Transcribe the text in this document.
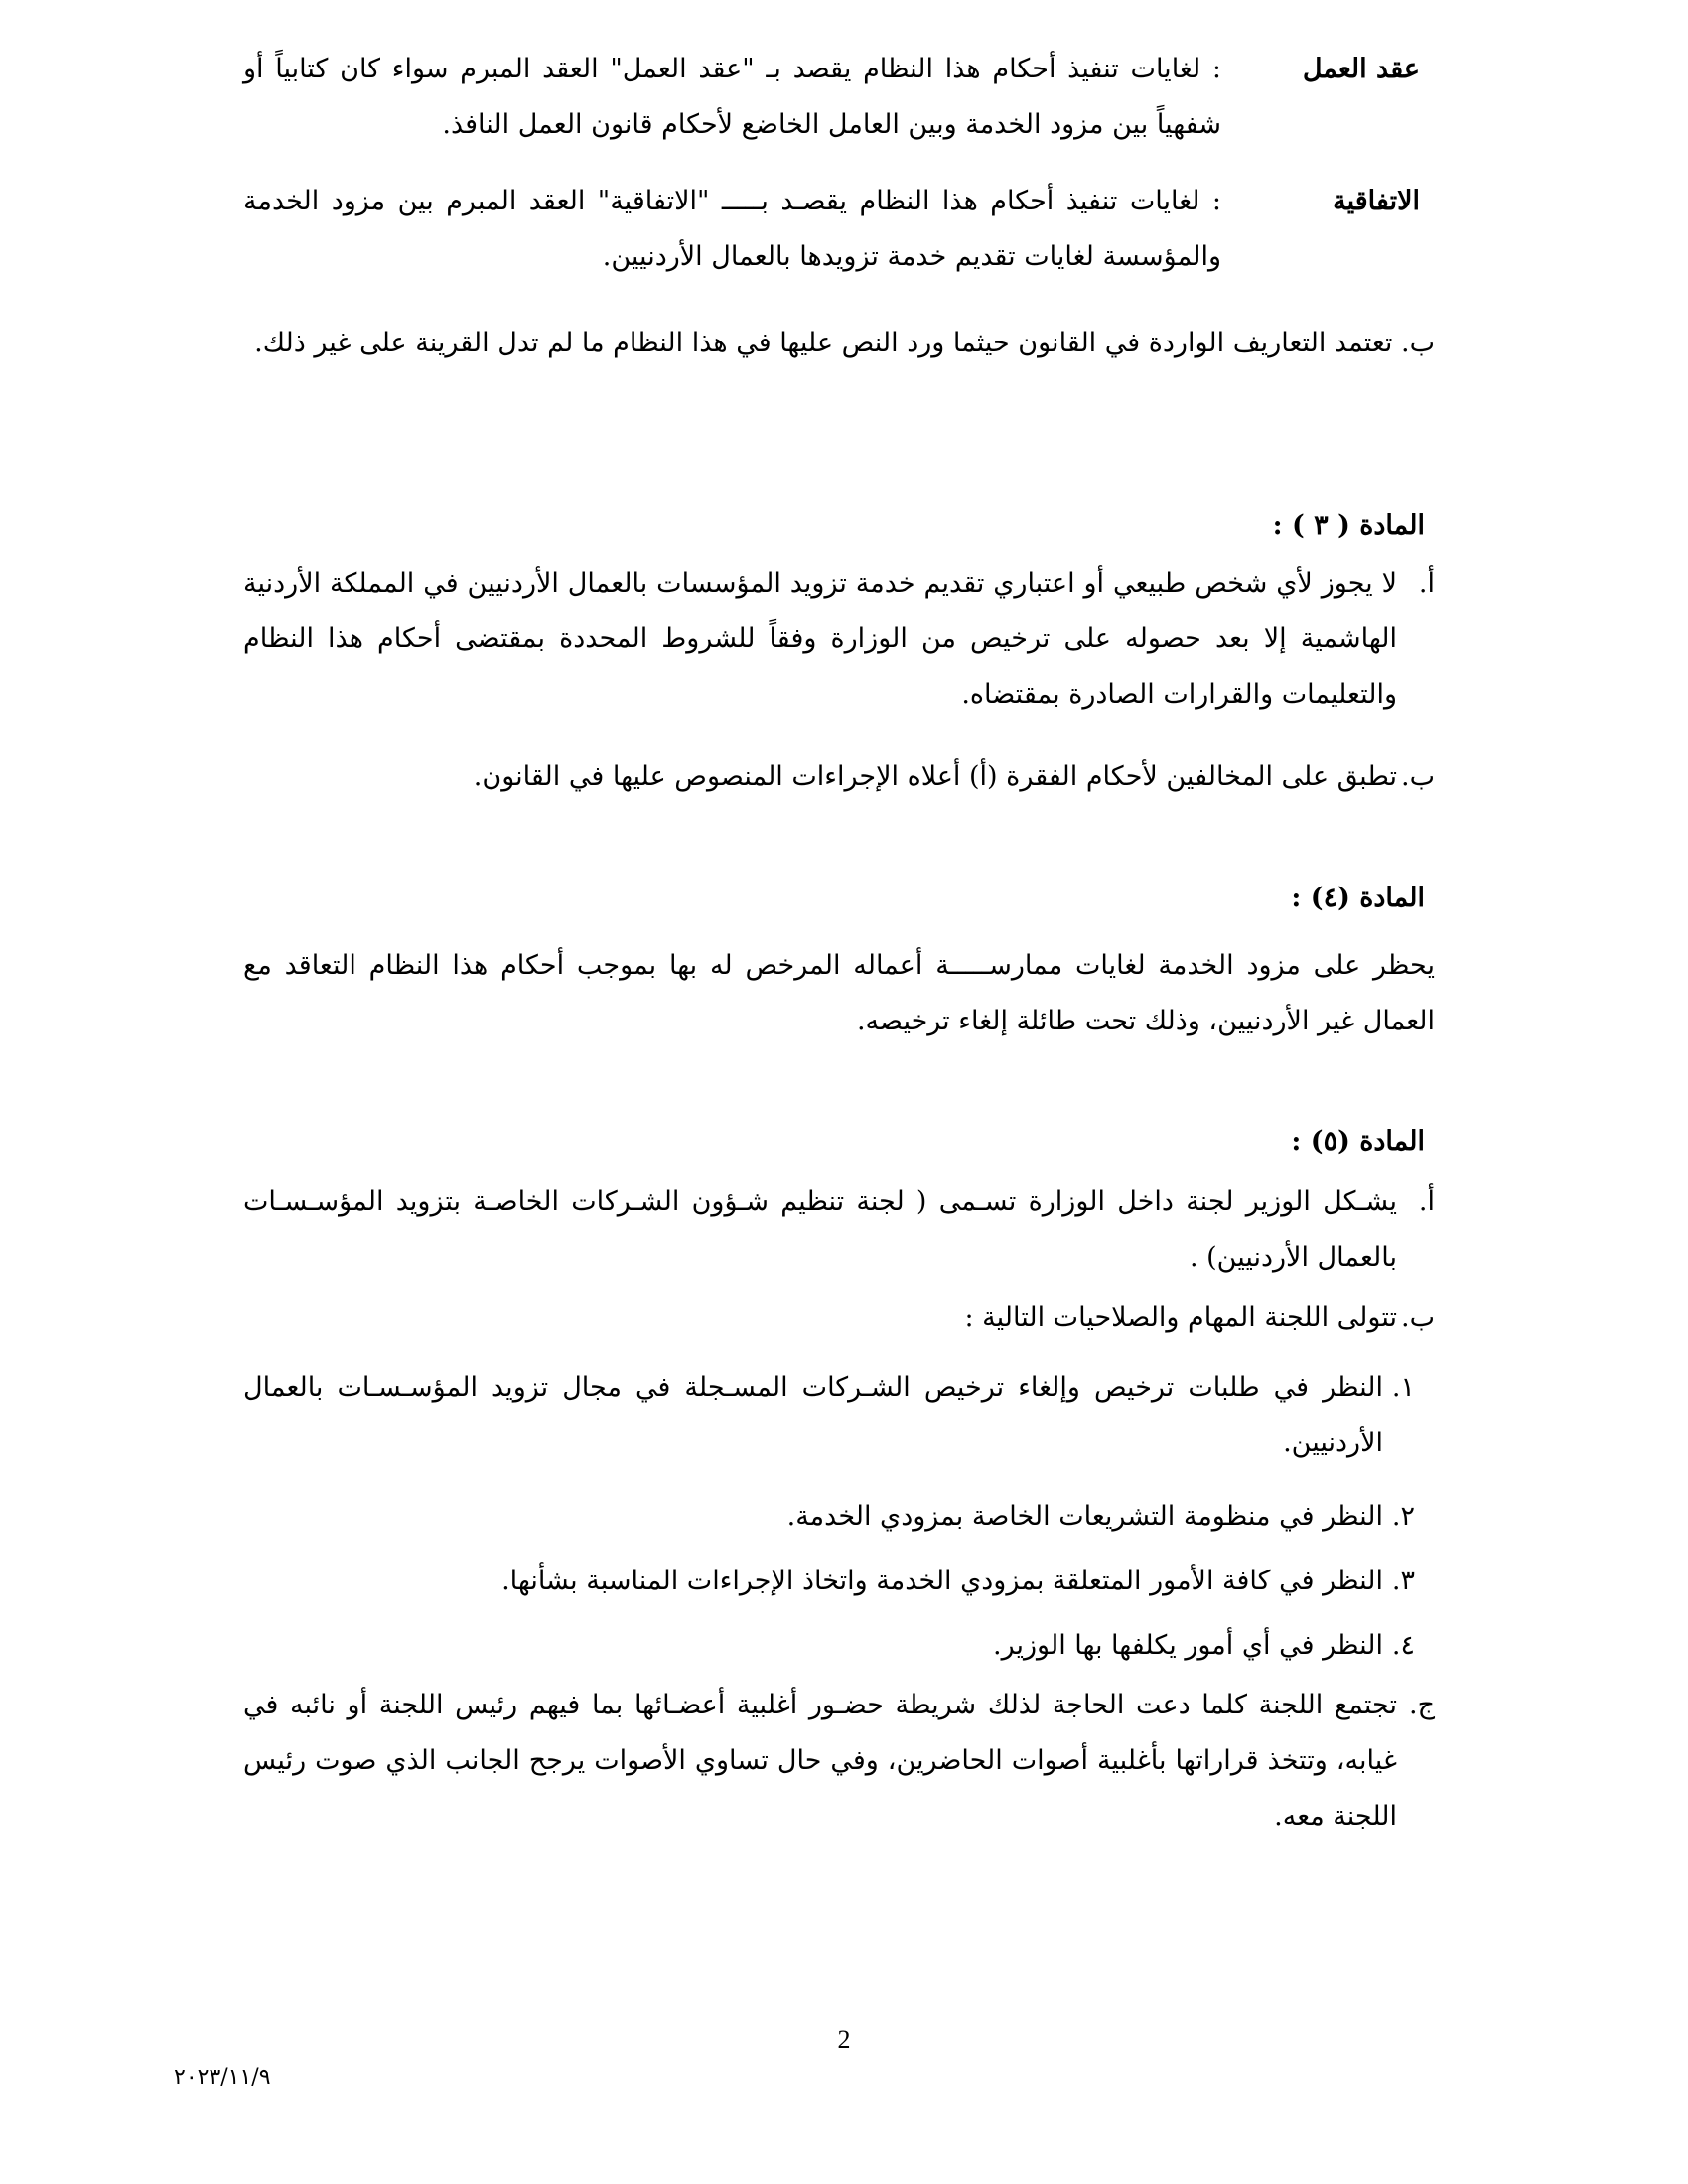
عقد العمل
: لغايات تنفيذ أحكام هذا النظام يقصد بـ "عقد العمل" العقد المبرم سواء كان كتابياً أو شفهياً بين مزود الخدمة وبين العامل الخاضع لأحكام قانون العمل النافذ.
الاتفاقية
: لغايات تنفيذ أحكام هذا النظام يقصـد بـــــ "الاتفاقية" العقد المبرم بين مزود الخدمة والمؤسسة لغايات تقديم خدمة تزويدها بالعمال الأردنيين.
ب. تعتمد التعاريف الواردة في القانون حيثما ورد النص عليها في هذا النظام ما لم تدل القرينة على غير ذلك.
المادة ( ٣ ) :
أ.
لا يجوز لأي شخص طبيعي أو اعتباري تقديم خدمة تزويد المؤسسات بالعمال الأردنيين في المملكة الأردنية الهاشمية إلا بعد حصوله على ترخيص من الوزارة وفقاً للشروط المحددة بمقتضى أحكام هذا النظام والتعليمات والقرارات الصادرة بمقتضاه.
ب.
تطبق على المخالفين لأحكام الفقرة (أ) أعلاه الإجراءات المنصوص عليها في القانون.
المادة (٤) :
يحظر على مزود الخدمة لغايات ممارســـــة أعماله المرخص له بها بموجب أحكام هذا النظام التعاقد مع العمال غير الأردنيين، وذلك تحت طائلة إلغاء ترخيصه.
المادة (٥) :
أ.
يشـكل الوزير لجنة داخل الوزارة تسـمى ( لجنة تنظيم شـؤون الشـركات الخاصـة بتزويد المؤسـسـات بالعمال الأردنيين) .
ب.
تتولى اللجنة المهام والصلاحيات التالية :
١.
النظر في طلبات ترخيص وإلغاء ترخيص الشـركات المسـجلة في مجال تزويد المؤسـسـات بالعمال الأردنيين.
٢.
النظر في منظومة التشريعات الخاصة بمزودي الخدمة.
٣.
النظر في كافة الأمور المتعلقة بمزودي الخدمة واتخاذ الإجراءات المناسبة بشأنها.
٤.
النظر في أي أمور يكلفها بها الوزير.
ج.
تجتمع اللجنة كلما دعت الحاجة لذلك شريطة حضـور أغلبية أعضـائها بما فيهم رئيس اللجنة أو نائبه في غيابه، وتتخذ قراراتها بأغلبية أصوات الحاضرين، وفي حال تساوي الأصوات يرجح الجانب الذي صوت رئيس اللجنة معه.
2
٢٠٢٣/١١/٩
